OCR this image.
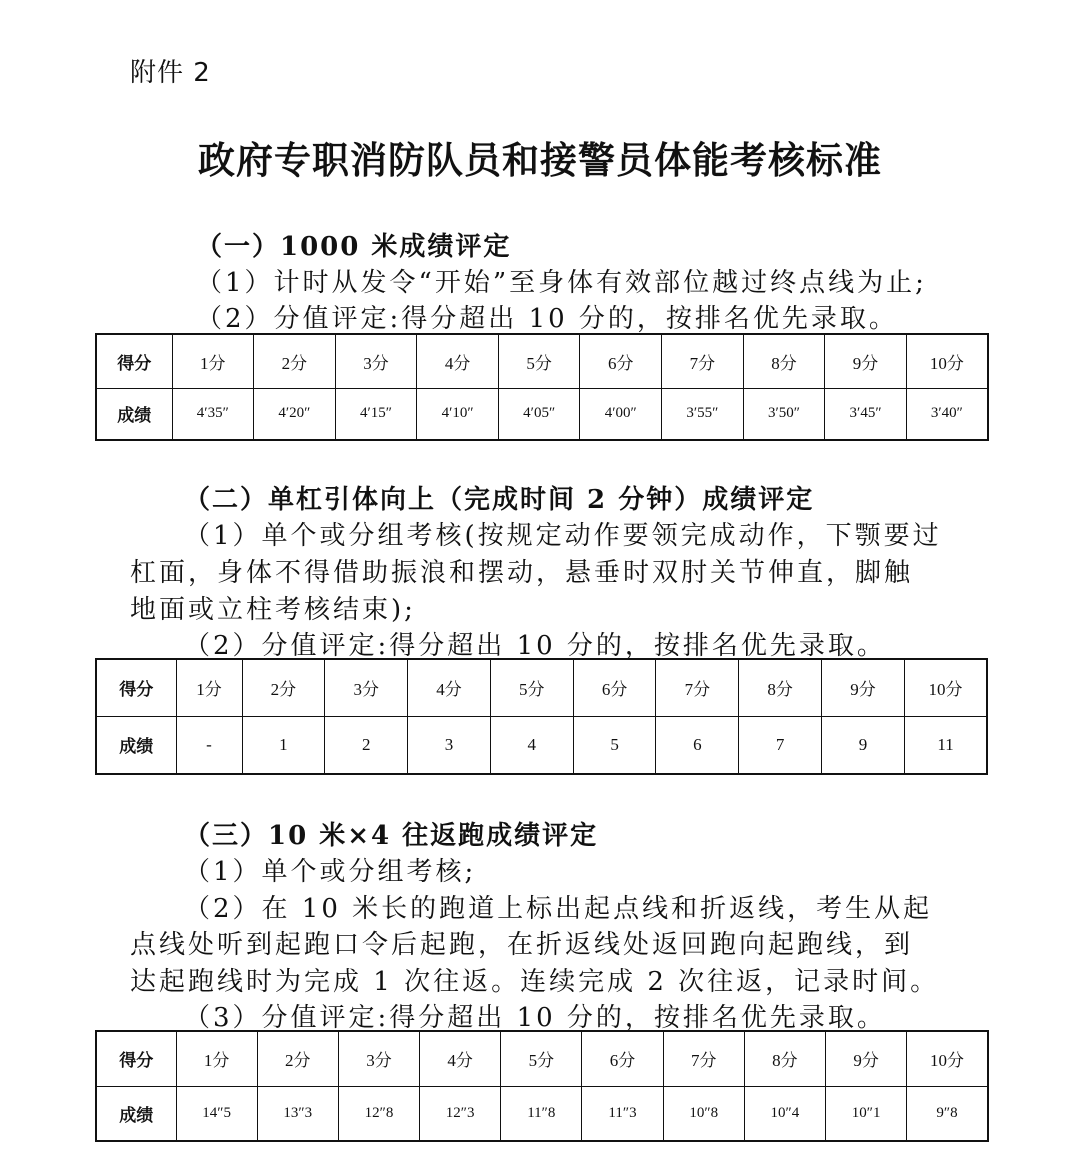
附件 2
政府专职消防队员和接警员体能考核标准
（一）1000 米成绩评定
（1）计时从发令“开始”至身体有效部位越过终点线为止;
（2）分值评定:得分超出 10 分的，按排名优先录取。
得分	1分	2分	3分	4分	5分	6分	7分	8分	9分	10分
成绩	4′35″	4′20″	4′15″	4′10″	4′05″	4′00″	3′55″	3′50″	3′45″	3′40″
（二）单杠引体向上（完成时间 2 分钟）成绩评定
（1）单个或分组考核(按规定动作要领完成动作，下颚要过
杠面，身体不得借助振浪和摆动，悬垂时双肘关节伸直，脚触
地面或立柱考核结束);
（2）分值评定:得分超出 10 分的，按排名优先录取。
得分	1分	2分	3分	4分	5分	6分	7分	8分	9分	10分
成绩	-	1	2	3	4	5	6	7	9	11
（三）10 米×4 往返跑成绩评定
（1）单个或分组考核;
（2）在 10 米长的跑道上标出起点线和折返线，考生从起
点线处听到起跑口令后起跑，在折返线处返回跑向起跑线，到
达起跑线时为完成 1 次往返。连续完成 2 次往返，记录时间。
（3）分值评定:得分超出 10 分的，按排名优先录取。
得分	1分	2分	3分	4分	5分	6分	7分	8分	9分	10分
成绩	14″5	13″3	12″8	12″3	11″8	11″3	10″8	10″4	10″1	9″8
